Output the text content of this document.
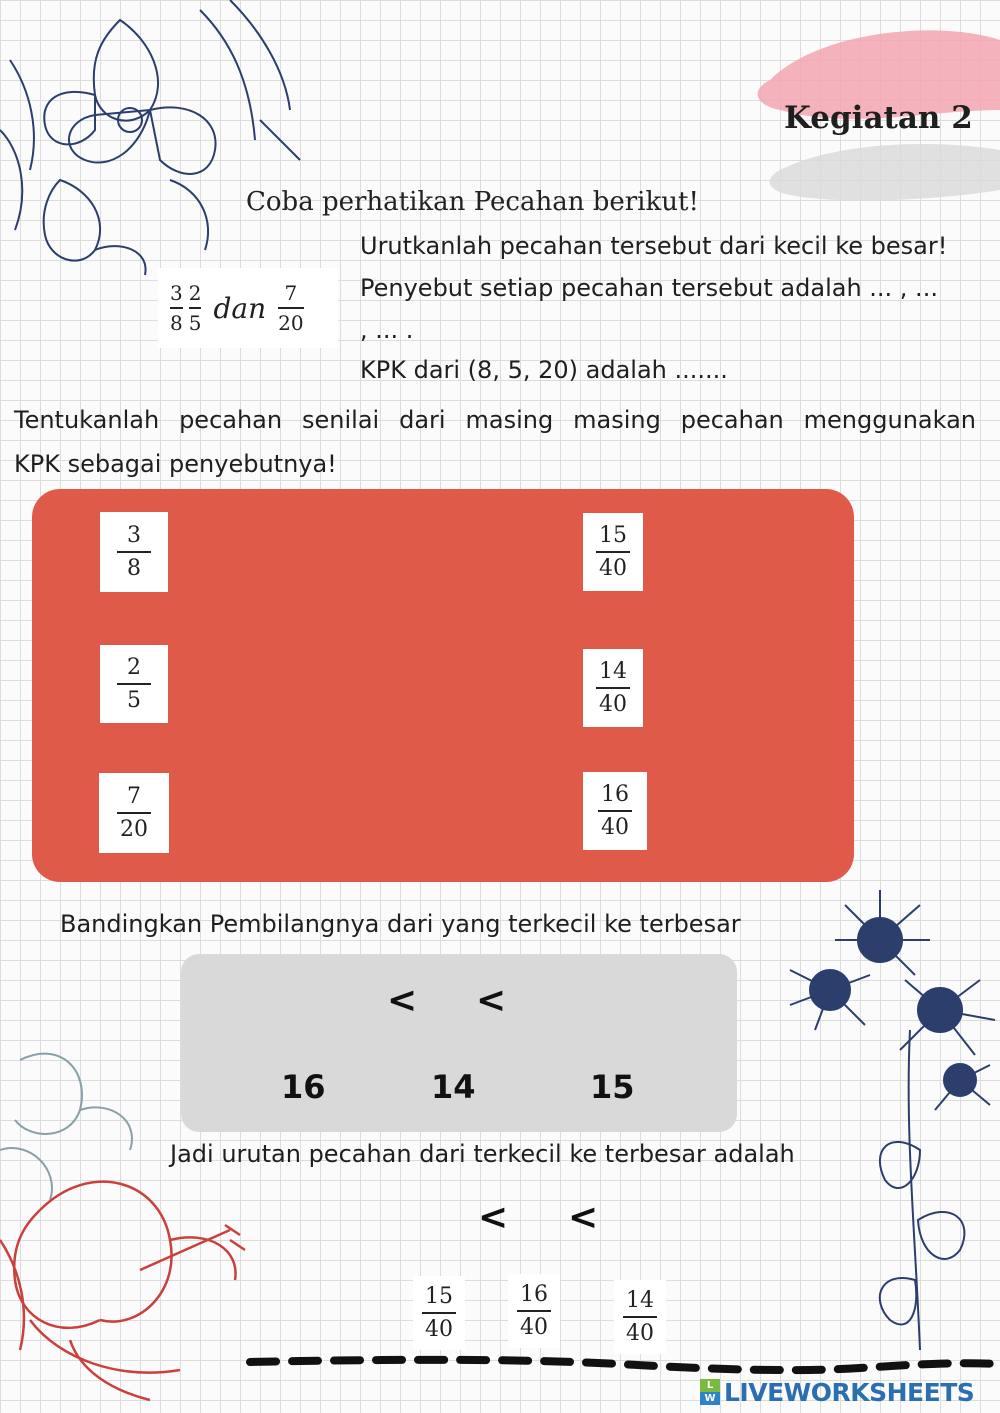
Kegiatan 2
Coba perhatikan Pecahan berikut!
$\frac{3}{8} \frac{2}{5}$ dan $\frac{7}{20}$
Urutkanlah pecahan tersebut dari kecil ke besar!
Penyebut setiap pecahan tersebut adalah ... , ...
, ... .
KPK dari (8, 5, 20) adalah .......
Tentukanlah pecahan senilai dari masing masing pecahan menggunakan
KPK sebagai penyebutnya!
3
8
2
5
7
20
15
40
14
40
16
40
Bandingkan Pembilangnya dari yang terkecil ke terbesar
< <
16	14	15
Jadi urutan pecahan dari terkecil ke terbesar adalah
< <
15
40
16
40
14
40
L
W LIVEWORKSHEETS
